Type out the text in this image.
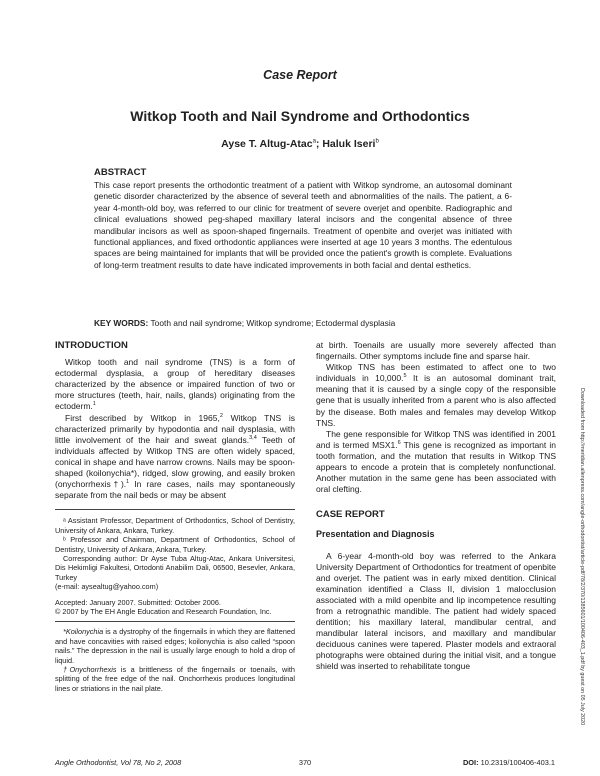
Case Report
Witkop Tooth and Nail Syndrome and Orthodontics
Ayse T. Altug-Atac$^a$; Haluk Iseri$^b$
ABSTRACT
This case report presents the orthodontic treatment of a patient with Witkop syndrome, an autosomal dominant genetic disorder characterized by the absence of several teeth and abnormalities of the nails. The patient, a 6-year 4-month-old boy, was referred to our clinic for treatment of severe overjet and openbite. Radiographic and clinical evaluations showed peg-shaped maxillary lateral incisors and the congenital absence of three mandibular incisors as well as spoon-shaped fingernails. Treatment of openbite and overjet was initiated with functional appliances, and fixed orthodontic appliances were inserted at age 10 years 3 months. The edentulous spaces are being maintained for implants that will be provided once the patient's growth is complete. Evaluations of long-term treatment results to date have indicated improvements in both facial and dental esthetics.
KEY WORDS: Tooth and nail syndrome; Witkop syndrome; Ectodermal dysplasia
INTRODUCTION

Witkop tooth and nail syndrome (TNS) is a form of ectodermal dysplasia, a group of hereditary diseases characterized by the absence or impaired function of two or more structures (teeth, hair, nails, glands) originating from the ectoderm.$^1$

First described by Witkop in 1965,$^2$ Witkop TNS is characterized primarily by hypodontia and nail dysplasia, with little involvement of the hair and sweat glands.$^{3,4}$ Teeth of individuals affected by Witkop TNS are often widely spaced, conical in shape and have narrow crowns. Nails may be spoon-shaped (koilonychia*), ridged, slow growing, and easily broken (onychorrhexis†).$^1$ In rare cases, nails may spontaneously separate from the nail beds or may be absent

ᵃ Assistant Professor, Department of Orthodontics, School of Dentistry, University of Ankara, Ankara, Turkey.

ᵇ Professor and Chairman, Department of Orthodontics, School of Dentistry, University of Ankara, Ankara, Turkey.

Corresponding author: Dr Ayse Tuba Altug-Atac, Ankara Universitesi, Dis Hekimligi Fakultesi, Ortodonti Anabilim Dali, 06500, Besevler, Ankara, Turkey

(e-mail: aysealtug@yahoo.com)

Accepted: January 2007. Submitted: October 2006.

© 2007 by The EH Angle Education and Research Foundation, Inc.

*Koilonychia is a dystrophy of the fingernails in which they are flattened and have concavities with raised edges; koilonychia is also called “spoon nails.” The depression in the nail is usually large enough to hold a drop of liquid.

†Onychorrhexis is a brittleness of the fingernails or toenails, with splitting of the free edge of the nail. Onchorrhexis produces longitudinal lines or striations in the nail plate.

at birth. Toenails are usually more severely affected than fingernails. Other symptoms include fine and sparse hair.

Witkop TNS has been estimated to affect one to two individuals in 10,000.$^5$ It is an autosomal dominant trait, meaning that it is caused by a single copy of the responsible gene that is usually inherited from a parent who is also affected by the disease. Both males and females may develop Witkop TNS.

The gene responsible for Witkop TNS was identified in 2001 and is termed MSX1.$^6$ This gene is recognized as important in tooth formation, and the mutation that results in Witkop TNS appears to encode a protein that is completely nonfunctional. Another mutation in the same gene has been associated with oral clefting.

CASE REPORT
Presentation and Diagnosis

A 6-year 4-month-old boy was referred to the Ankara University Department of Orthodontics for treatment of openbite and overjet. The patient was in early mixed dentition. Clinical examination identified a Class II, division 1 malocclusion associated with a mild openbite and lip incompetence resulting from a retrognathic mandible. The patient had widely spaced dentition; his maxillary lateral, mandibular central, and mandibular lateral incisors, and maxillary and mandibular deciduous canines were tapered. Plaster models and extraoral photographs were obtained during the initial visit, and a tongue shield was inserted to rehabilitate tongue

Angle Orthodontist, Vol 78, No 2, 2008	370	DOI: 10.2319/100406-403.1
Downloaded from http://meridian.allenpress.com/angle-orthodontist/article-pdf/78/2/370/1385601/100406-403_1.pdf by guest on 05 July 2020
